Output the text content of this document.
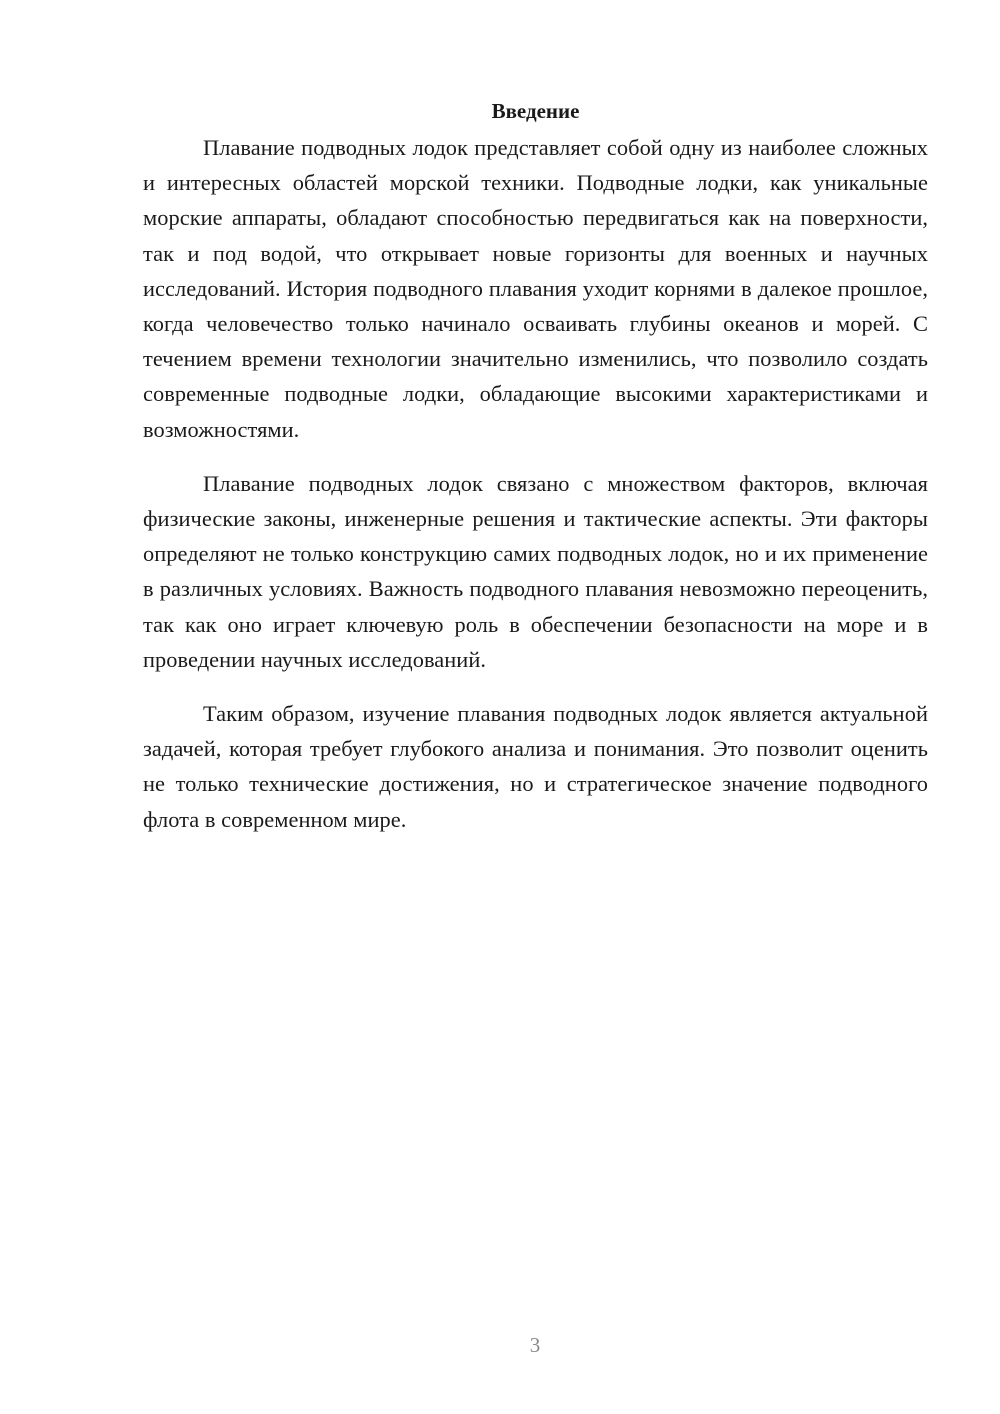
Введение

Плавание подводных лодок представляет собой одну из наиболее сложных и интересных областей морской техники. Подводные лодки, как уникальные морские аппараты, обладают способностью передвигаться как на поверхности, так и под водой, что открывает новые горизонты для военных и научных исследований. История подводного плавания уходит корнями в далекое прошлое, когда человечество только начинало осваивать глубины океанов и морей. С течением времени технологии значительно изменились, что позволило создать современные подводные лодки, обладающие высокими характеристиками и возможностями.

Плавание подводных лодок связано с множеством факторов, включая физические законы, инженерные решения и тактические аспекты. Эти факторы определяют не только конструкцию самих подводных лодок, но и их применение в различных условиях. Важность подводного плавания невозможно переоценить, так как оно играет ключевую роль в обеспечении безопасности на море и в проведении научных исследований.

Таким образом, изучение плавания подводных лодок является актуальной задачей, которая требует глубокого анализа и понимания. Это позволит оценить не только технические достижения, но и стратегическое значение подводного флота в современном мире.

3
